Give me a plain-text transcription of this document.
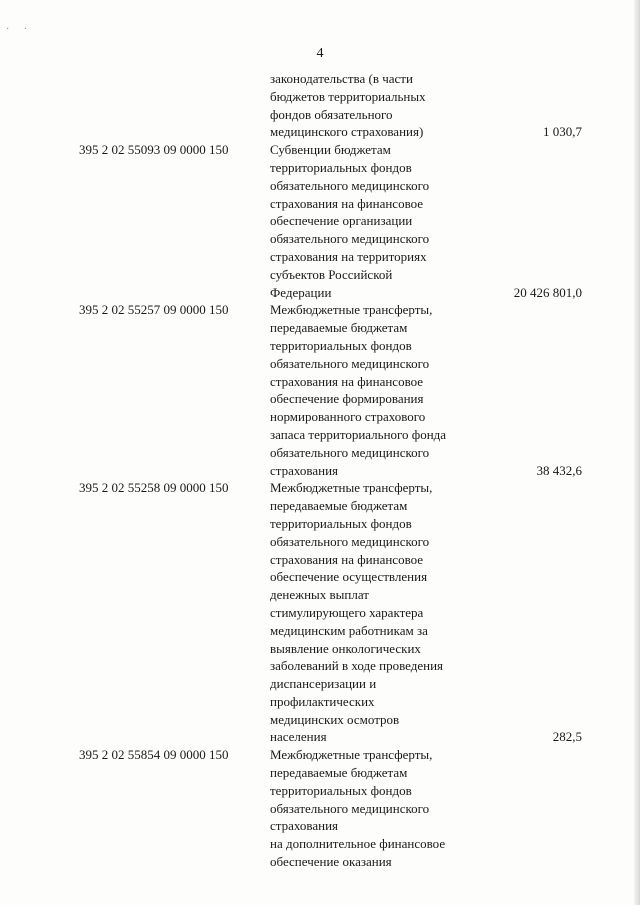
· ·
4
законодательства (в части
бюджетов территориальных
фондов обязательного
медицинского страхования)	1 030,7
395 2 02 55093 09 0000 150	Субвенции бюджетам
территориальных фондов
обязательного медицинского
страхования на финансовое
обеспечение организации
обязательного медицинского
страхования на территориях
субъектов Российской
Федерации	20 426 801,0
395 2 02 55257 09 0000 150	Межбюджетные трансферты,
передаваемые бюджетам
территориальных фондов
обязательного медицинского
страхования на финансовое
обеспечение формирования
нормированного страхового
запаса территориального фонда
обязательного медицинского
страхования	38 432,6
395 2 02 55258 09 0000 150	Межбюджетные трансферты,
передаваемые бюджетам
территориальных фондов
обязательного медицинского
страхования на финансовое
обеспечение осуществления
денежных выплат
стимулирующего характера
медицинским работникам за
выявление онкологических
заболеваний в ходе проведения
диспансеризации и
профилактических
медицинских осмотров
населения	282,5
395 2 02 55854 09 0000 150	Межбюджетные трансферты,
передаваемые бюджетам
территориальных фондов
обязательного медицинского
страхования
на дополнительное финансовое
обеспечение оказания
